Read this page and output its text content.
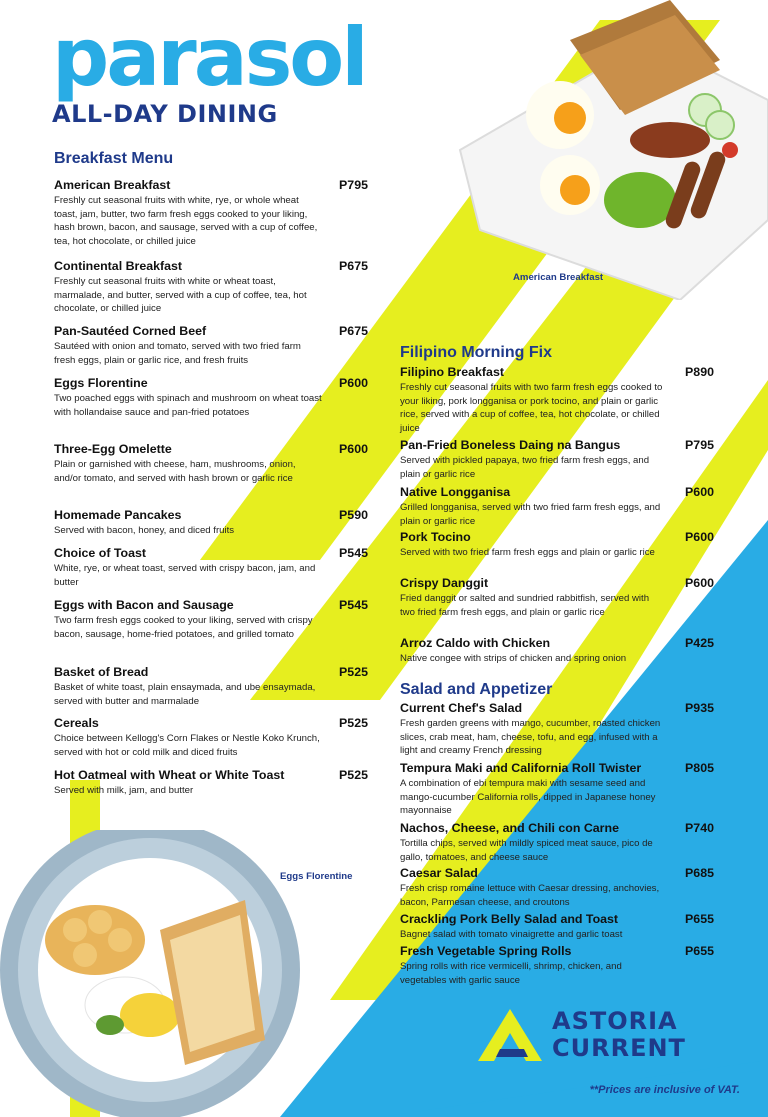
parasol
ALL-DAY DINING
American Breakfast
Eggs Florentine
Breakfast Menu
American Breakfast	P795
Freshly cut seasonal fruits with white, rye, or whole wheat toast, jam, butter, two farm fresh eggs cooked to your liking, hash brown, bacon, and sausage, served with a cup of coffee, tea, hot chocolate, or chilled juice
Continental Breakfast	P675
Freshly cut seasonal fruits with white or wheat toast, marmalade, and butter, served with a cup of coffee, tea, hot chocolate, or chilled juice
Pan-Sautéed Corned Beef	P675
Sautéed with onion and tomato, served with two fried farm fresh eggs, plain or garlic rice, and fresh fruits
Eggs Florentine	P600
Two poached eggs with spinach and mushroom on wheat toast with hollandaise sauce and pan-fried potatoes
Three-Egg Omelette	P600
Plain or garnished with cheese, ham, mushrooms, onion, and/or tomato, and served with hash brown or garlic rice
Homemade Pancakes	P590
Served with bacon, honey, and diced fruits
Choice of Toast	P545
White, rye, or wheat toast, served with crispy bacon, jam, and butter
Eggs with Bacon and Sausage	P545
Two farm fresh eggs cooked to your liking, served with crispy bacon, sausage, home-fried potatoes, and grilled tomato
Basket of Bread	P525
Basket of white toast, plain ensaymada, and ube ensaymada, served with butter and marmalade
Cereals	P525
Choice between Kellogg's Corn Flakes or Nestle Koko Krunch, served with hot or cold milk and diced fruits
Hot Oatmeal with Wheat or White Toast	P525
Served with milk, jam, and butter
Filipino Morning Fix
Filipino Breakfast	P890
Freshly cut seasonal fruits with two farm fresh eggs cooked to your liking, pork longganisa or pork tocino, and plain or garlic rice, served with a cup of coffee, tea, hot chocolate, or chilled juice
Pan-Fried Boneless Daing na Bangus	P795
Served with pickled papaya, two fried farm fresh eggs, and plain or garlic rice
Native Longganisa	P600
Grilled longganisa, served with two fried farm fresh eggs, and plain or garlic rice
Pork Tocino	P600
Served with two fried farm fresh eggs and plain or garlic rice
Crispy Danggit	P600
Fried danggit or salted and sundried rabbitfish, served with two fried farm fresh eggs, and plain or garlic rice
Arroz Caldo with Chicken	P425
Native congee with strips of chicken and spring onion
Salad and Appetizer
Current Chef's Salad	P935
Fresh garden greens with mango, cucumber, roasted chicken slices, crab meat, ham, cheese, tofu, and egg, infused with a light and creamy French dressing
Tempura Maki and California Roll Twister	P805
A combination of ebi tempura maki with sesame seed and mango-cucumber California rolls, dipped in Japanese honey mayonnaise
Nachos, Cheese, and Chili con Carne	P740
Tortilla chips, served with mildly spiced meat sauce, pico de gallo, tomatoes, and cheese sauce
Caesar Salad	P685
Fresh crisp romaine lettuce with Caesar dressing, anchovies, bacon, Parmesan cheese, and croutons
Crackling Pork Belly Salad and Toast	P655
Bagnet salad with tomato vinaigrette and garlic toast
Fresh Vegetable Spring Rolls	P655
Spring rolls with rice vermicelli, shrimp, chicken, and vegetables with garlic sauce
ASTORIA
CURRENT
**Prices are inclusive of VAT.
